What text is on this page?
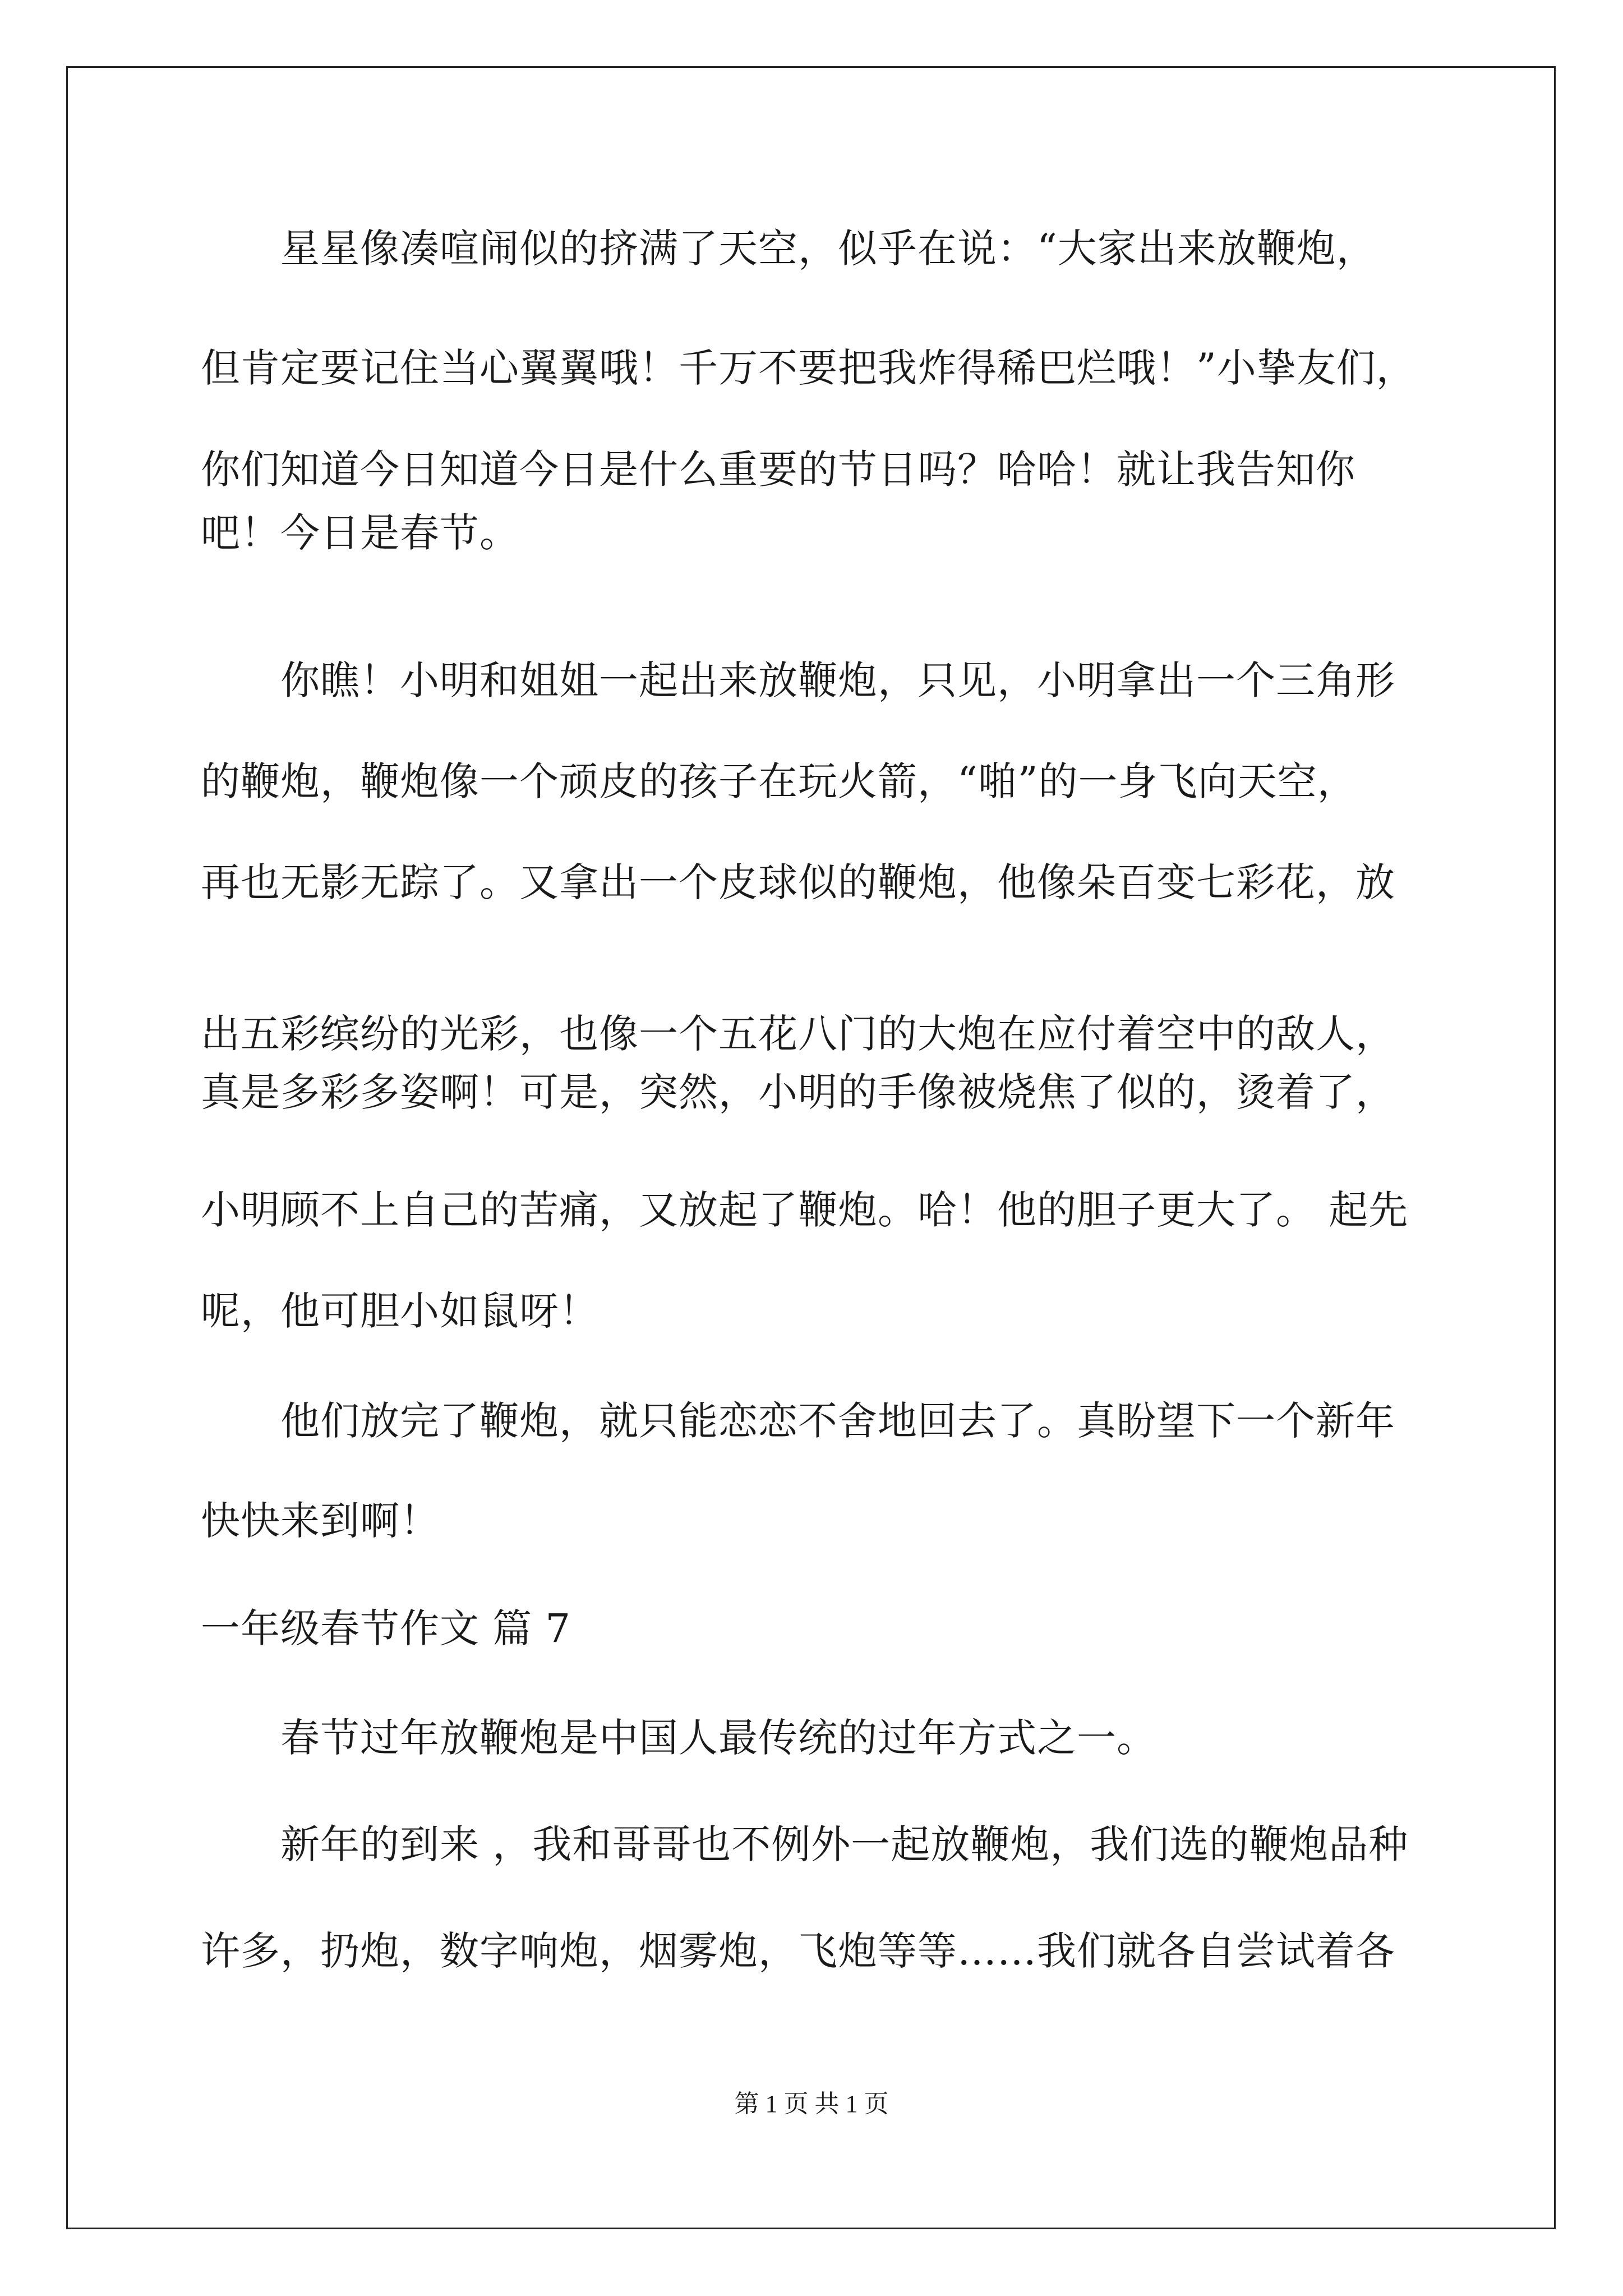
星星像凑喧闹似的挤满了天空，似乎在说：“大家出来放鞭炮，
但肯定要记住当心翼翼哦！千万不要把我炸得稀巴烂哦！”小挚友们，
你们知道今日知道今日是什么重要的节日吗？哈哈！就让我告知你
吧！今日是春节。
你瞧！小明和姐姐一起出来放鞭炮，只见，小明拿出一个三角形
的鞭炮，鞭炮像一个顽皮的孩子在玩火箭，“啪”的一身飞向天空，
再也无影无踪了。又拿出一个皮球似的鞭炮，他像朵百变七彩花，放
出五彩缤纷的光彩，也像一个五花八门的大炮在应付着空中的敌人，
真是多彩多姿啊！可是，突然，小明的手像被烧焦了似的，烫着了，
小明顾不上自己的苦痛，又放起了鞭炮。哈！他的胆子更大了。 起先
呢，他可胆小如鼠呀！
他们放完了鞭炮，就只能恋恋不舍地回去了。真盼望下一个新年
快快来到啊！
一年级春节作文 篇 7
春节过年放鞭炮是中国人最传统的过年方式之一。
新年的到来 ，我和哥哥也不例外一起放鞭炮，我们选的鞭炮品种
许多，扔炮，数字响炮，烟雾炮，飞炮等等……我们就各自尝试着各
第 1 页 共 1 页
